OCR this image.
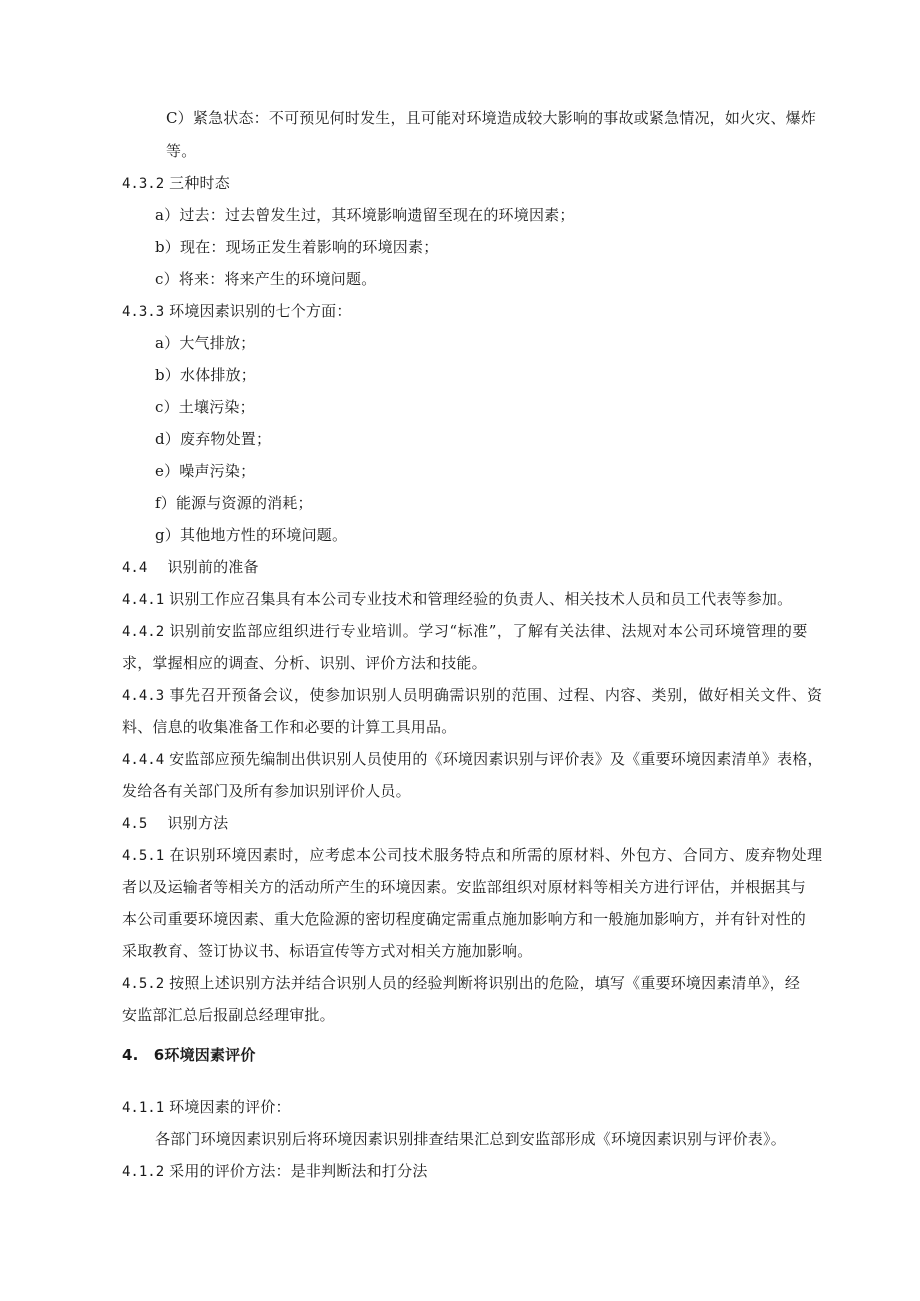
C）紧急状态：不可预见何时发生，且可能对环境造成较大影响的事故或紧急情况，如火灾、爆炸
等。
4.3.2 三种时态
a）过去：过去曾发生过，其环境影响遗留至现在的环境因素；
b）现在：现场正发生着影响的环境因素；
c）将来：将来产生的环境问题。
4.3.3 环境因素识别的七个方面：
a）大气排放；
b）水体排放；
c）土壤污染；
d）废弃物处置；
e）噪声污染；
f）能源与资源的消耗；
g）其他地方性的环境问题。
4.4 　识别前的准备
4.4.1 识别工作应召集具有本公司专业技术和管理经验的负责人、相关技术人员和员工代表等参加。
4.4.2 识别前安监部应组织进行专业培训。学习“标准”，了解有关法律、法规对本公司环境管理的要
求，掌握相应的调查、分析、识别、评价方法和技能。
4.4.3 事先召开预备会议，使参加识别人员明确需识别的范围、过程、内容、类别，做好相关文件、资
料、信息的收集准备工作和必要的计算工具用品。
4.4.4 安监部应预先编制出供识别人员使用的《环境因素识别与评价表》及《重要环境因素清单》表格，
发给各有关部门及所有参加识别评价人员。
4.5 　识别方法
4.5.1 在识别环境因素时，应考虑本公司技术服务特点和所需的原材料、外包方、合同方、废弃物处理
者以及运输者等相关方的活动所产生的环境因素。安监部组织对原材料等相关方进行评估，并根据其与
本公司重要环境因素、重大危险源的密切程度确定需重点施加影响方和一般施加影响方，并有针对性的
采取教育、签订协议书、标语宣传等方式对相关方施加影响。
4.5.2 按照上述识别方法并结合识别人员的经验判断将识别出的危险，填写《重要环境因素清单》，经
安监部汇总后报副总经理审批。
4.　6环境因素评价
4.1.1 环境因素的评价：
各部门环境因素识别后将环境因素识别排查结果汇总到安监部形成《环境因素识别与评价表》。
4.1.2 采用的评价方法：是非判断法和打分法
